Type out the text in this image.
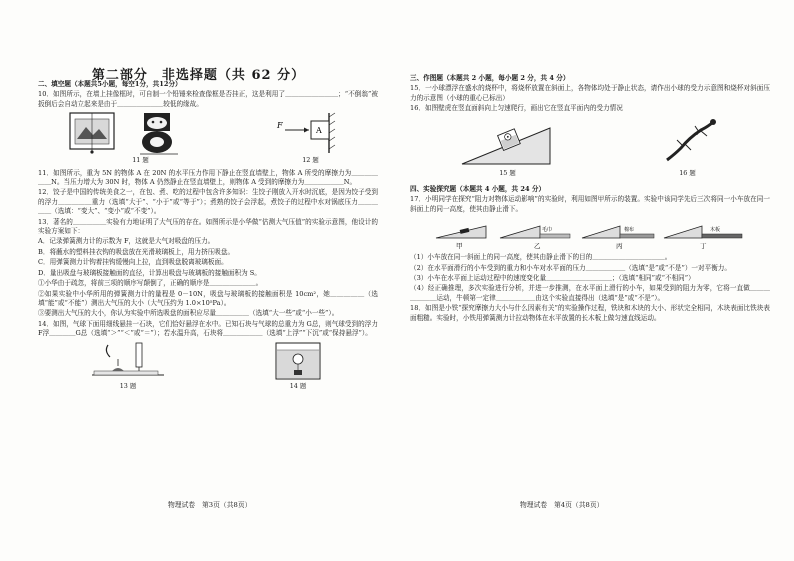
第二部分　非选择题（共 62 分）
二、填空题（本题共5小题，每空1分，共12分）
10．如图所示，在墙上挂像框时，可自制一个铅锤来检查像框是否挂正，这是利用了＿＿＿＿＿＿＿＿；“不倒翁”被扳倒后会自动立起来是由于＿＿＿＿＿＿＿较低的缘故。
11 题
A
F
12 题
11．如图所示，重为 5N 的物体 A 在 20N 的水平压力作用下静止在竖直墙壁上，物体 A 所受的摩擦力为＿＿＿＿＿＿N。当压力增大为 30N 时，物体 A 仍然静止在竖直墙壁上，则物体 A 受到的摩擦力为＿＿＿＿＿＿N。
12．饺子是中国的传统美食之一，在包、煮、吃的过程中包含许多知识：生饺子刚放入开水时沉底，是因为饺子受到的浮力＿＿＿＿＿重力（选填“大于”、“小于”或“等于”）；煮熟的饺子会浮起，煮饺子的过程中水对锅底压力＿＿＿＿＿（选填：“变大”、“变小”或“不变”）。
13．著名的＿＿＿＿＿实验有力地证明了大气压的存在。如图所示是小华做“估测大气压值”的实验示意图，他设计的实验方案如下：
A．记录弹簧测力计的示数为 F，这就是大气对吸盘的压力。
B．将蘸水的塑料挂衣钩的吸盘放在光滑玻璃板上，用力挤压吸盘。
C．用弹簧测力计钩着挂钩缓慢向上拉，直到吸盘脱离玻璃板面。
D．量出吸盘与玻璃板接触面的直径，计算出吸盘与玻璃板的接触面积为 S。
①小华由于疏忽，将前三项的顺序写颠倒了，正确的顺序是＿＿＿＿＿＿＿。
②如果实验中小华所用的弹簧测力计的量程是 0－10N，吸盘与玻璃板的接触面积是 10cm²，她＿＿＿＿＿（选填“能”或“不能”）测出大气压的大小（大气压约为 1.0×10⁵Pa）。
③要测出大气压的大小，你认为实验中所选吸盘的面积应尽量＿＿＿＿＿（选填“大一些”或“小一些”）。
14．如图，气球下面用细线悬挂一石块，它们恰好悬浮在水中。已知石块与气球的总重力为 G总，则气球受到的浮力 F浮＿＿＿＿G总（选填“＞”“＜”或“＝”）；若水温升高，石块将＿＿＿＿＿＿（选填“上浮”“下沉”或“保持悬浮”）。
13 题	14 题
三、作图题（本题共 2 小题，每小题 2 分，共 4 分）
15．一小球漂浮在盛水的烧杯中，将烧杯放置在斜面上，各物体均处于静止状态，请作出小球的受力示意图和烧杯对斜面压力的示意图（小球的重心已标出）
16．如图壁虎在竖直面斜向上匀速爬行，画出它在竖直平面内的受力情况
15 题	16 题
四、实验探究题（本题共 4 小题，共 24 分）
17．小明同学在探究“阻力对物体运动影响”的实验时，利用如图甲所示的装置。实验中该同学先后三次将同一小车放在同一斜面上的同一高度，使其由静止滑下。
甲
毛巾
乙
棉布
丙
木板
丁
（1）小车放在同一斜面上的同一高度，使其由静止滑下的目的＿＿＿＿＿＿＿＿＿＿＿。
（2）在水平面滑行的小车受到的重力和小车对水平面的压力＿＿＿＿＿＿（选填“是”或“不是”）一对平衡力。
（3）小车在水平面上运动过程中的速度变化量＿＿＿＿＿＿＿＿＿＿；（选填“相同”或“不相同”）
（4）经正确推理，多次实验进行分析，并进一步推测，在水平面上滑行的小车，如果受到的阻力为零，它将一直做＿＿＿＿＿＿＿运动，牛顿第一定律＿＿＿＿＿＿由这个实验直接得出（选填“是”或“不是”）。
18．如图是小铁“探究摩擦力大小与什么因素有关”的实验操作过程，铁块和木块的大小、形状完全相同，木块表面比铁块表面粗糙。实验时，小铁用弹簧测力计拉动物体在水平放置的长木板上做匀速直线运动。
物理试卷　第3页（共8页）	物理试卷　第4页（共8页）
